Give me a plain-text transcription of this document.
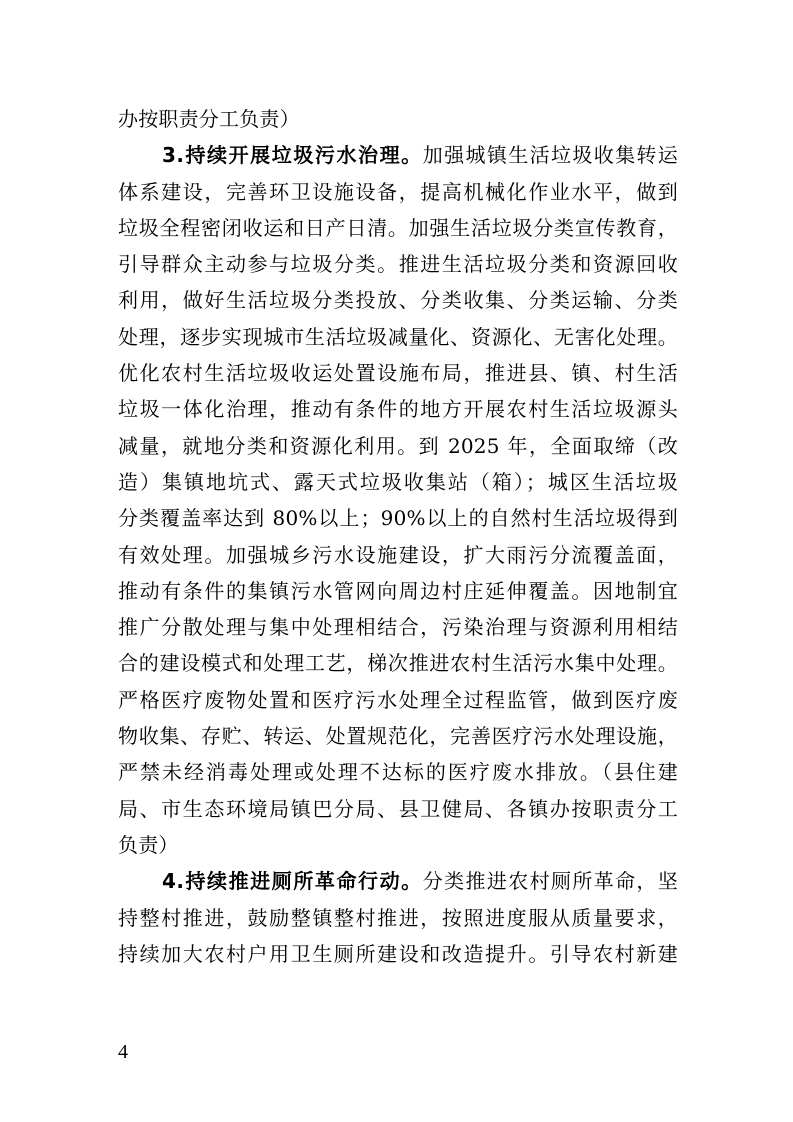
办按职责分工负责）
3.持续开展垃圾污水治理。加强城镇生活垃圾收集转运
体系建设，完善环卫设施设备，提高机械化作业水平，做到
垃圾全程密闭收运和日产日清。加强生活垃圾分类宣传教育，
引导群众主动参与垃圾分类。推进生活垃圾分类和资源回收
利用，做好生活垃圾分类投放、分类收集、分类运输、分类
处理，逐步实现城市生活垃圾减量化、资源化、无害化处理。
优化农村生活垃圾收运处置设施布局，推进县、镇、村生活
垃圾一体化治理，推动有条件的地方开展农村生活垃圾源头
减量，就地分类和资源化利用。到 2025 年，全面取缔（改
造）集镇地坑式、露天式垃圾收集站（箱）；城区生活垃圾
分类覆盖率达到 80%以上；90%以上的自然村生活垃圾得到
有效处理。加强城乡污水设施建设，扩大雨污分流覆盖面，
推动有条件的集镇污水管网向周边村庄延伸覆盖。因地制宜
推广分散处理与集中处理相结合，污染治理与资源利用相结
合的建设模式和处理工艺，梯次推进农村生活污水集中处理。
严格医疗废物处置和医疗污水处理全过程监管，做到医疗废
物收集、存贮、转运、处置规范化，完善医疗污水处理设施，
严禁未经消毒处理或处理不达标的医疗废水排放。（县住建
局、市生态环境局镇巴分局、县卫健局、各镇办按职责分工
负责）
4.持续推进厕所革命行动。分类推进农村厕所革命，坚
持整村推进，鼓励整镇整村推进，按照进度服从质量要求，
持续加大农村户用卫生厕所建设和改造提升。引导农村新建
4
